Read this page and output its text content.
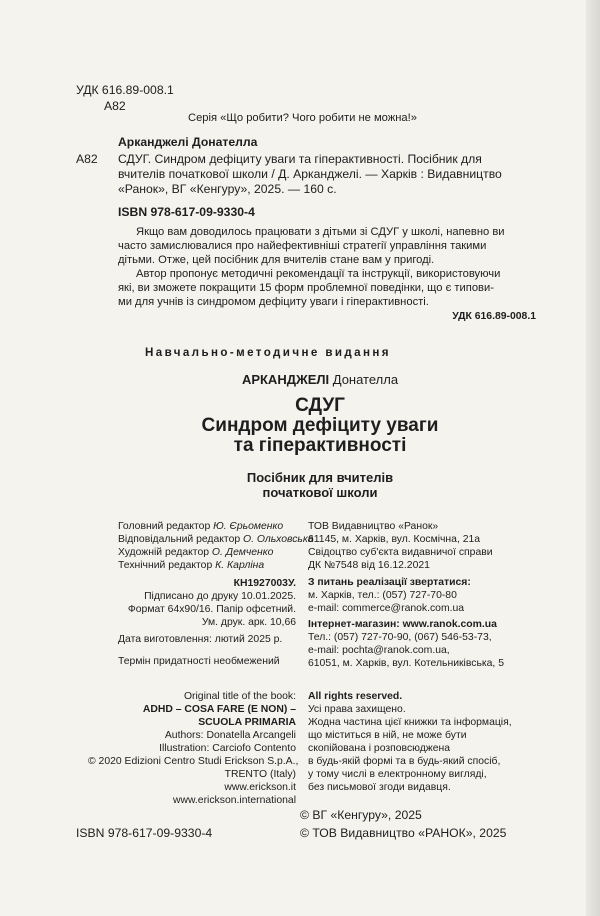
УДК 616.89-008.1
А82
Серія «Що робити? Чого робити не можна!»
Арканджелі Донателла
А82 СДУГ. Синдром дефіциту уваги та гіперактивності. Посібник для
вчителів початкової школи / Д. Арканджелі. — Харків : Видавництво
«Ранок», ВГ «Кенгуру», 2025. — 160 с.
ISBN 978-617-09-9330-4
Якщо вам доводилось працювати з дітьми зі СДУГ у школі, напевно ви
часто замислювалися про найефективніші стратегії управління такими
дітьми. Отже, цей посібник для вчителів стане вам у пригоді.
Автор пропонує методичні рекомендації та інструкції, використовуючи
які, ви зможете покращити 15 форм проблемної поведінки, що є типови-
ми для учнів із синдромом дефіциту уваги і гіперактивності.
УДК 616.89-008.1
Навчально-методичне видання
АРКАНДЖЕЛІ Донателла
СДУГ
Синдром дефіциту уваги
та гіперактивності
Посібник для вчителів
початкової школи
Головний редактор Ю. Єрьоменко
Відповідальний редактор О. Ольховська
Художній редактор О. Демченко
Технічний редактор К. Карліна
КН1927003У.
Підписано до друку 10.01.2025.
Формат 64х90/16. Папір офсетний.
Ум. друк. арк. 10,66
Дата виготовлення: лютий 2025 р.
Термін придатності необмежений
ТОВ Видавництво «Ранок»
61145, м. Харків, вул. Космічна, 21а
Свідоцтво суб'єкта видавничої справи
ДК №7548 від 16.12.2021
З питань реалізації звертатися:
м. Харків, тел.: (057) 727-70-80
e-mail: commerce@ranok.com.ua
Інтернет-магазин: www.ranok.com.ua
Тел.: (057) 727-70-90, (067) 546-53-73,
e-mail: pochta@ranok.com.ua,
61051, м. Харків, вул. Котельниківська, 5
Original title of the book:
ADHD – COSA FARE (E NON) –
SCUOLA PRIMARIA
Authors: Donatella Arcangeli
Illustration: Carciofo Contento
© 2020 Edizioni Centro Studi Erickson S.p.A.,
TRENTO (Italy)
www.erickson.it
www.erickson.international
All rights reserved.
Усі права захищено.
Жодна частина цієї книжки та інформація,
що міститься в ній, не може бути
скопійована і розповсюджена
в будь-якій формі та в будь-який спосіб,
у тому числі в електронному вигляді,
без письмової згоди видавця.
ISBN 978-617-09-9330-4
© ВГ «Кенгуру», 2025
© ТОВ Видавництво «РАНОК», 2025
